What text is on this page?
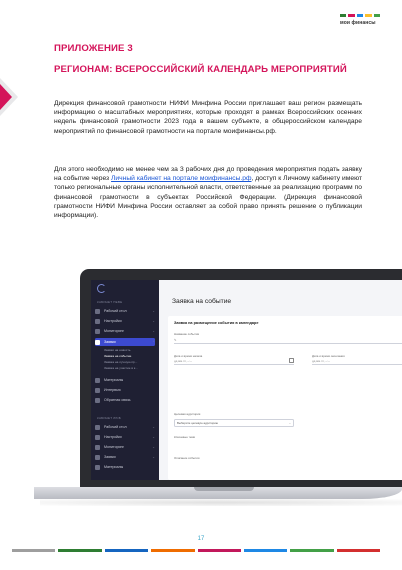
мои финансы
ПРИЛОЖЕНИЕ 3
РЕГИОНАМ: ВСЕРОССИЙСКИЙ КАЛЕНДАРЬ МЕРОПРИЯТИЙ

Дирекция финансовой грамотности НИФИ Минфина России приглашает ваш регион размещать информацию о масштабных мероприятиях, которые проходят в рамках Всероссийских осенних недель финансовой грамотности 2023 года в вашем субъекте, в общероссийском календаре мероприятий по финансовой грамотности на портале моифинансы.рф.

Для этого необходимо не менее чем за 3 рабочих дня до проведения мероприятия подать заявку на событие через Личный кабинет на портале моифинансы.рф, доступ к Личному кабинету имеют только региональные органы исполнительной власти, ответственные за реализацию программ по финансовой грамотности в субъектах Российской Федерации. (Дирекция финансовой грамотности НИФИ Минфина России оставляет за собой право принять решение о публикации информации).

КАБИНЕТ ПЕВЕ
Рабочий стол	⌄
Настройки	⌄
Мониторинг	⌄
Заявки	⌃
Заявки на новость
Заявка на событие
Заявка на лучшую пр...
Заявка на участие в к...
Материалы
Интервью
Обратная связь
КАБИНЕТ ЛЮБ
Рабочий стол	⌄
Настройки	⌄
Мониторинг	⌄
Заявки	⌄
Материалы
Заявка на событие
Заявка на размещение события в календаре
Название события
✎
Дата и время начала
дд.мм.ггг, --:--
Дата и время окончания
дд.мм.ггг, --:--
Целевая аудитория
Выберите целевую аудиторию	⌄
Ключевые теми
Описание события
17
